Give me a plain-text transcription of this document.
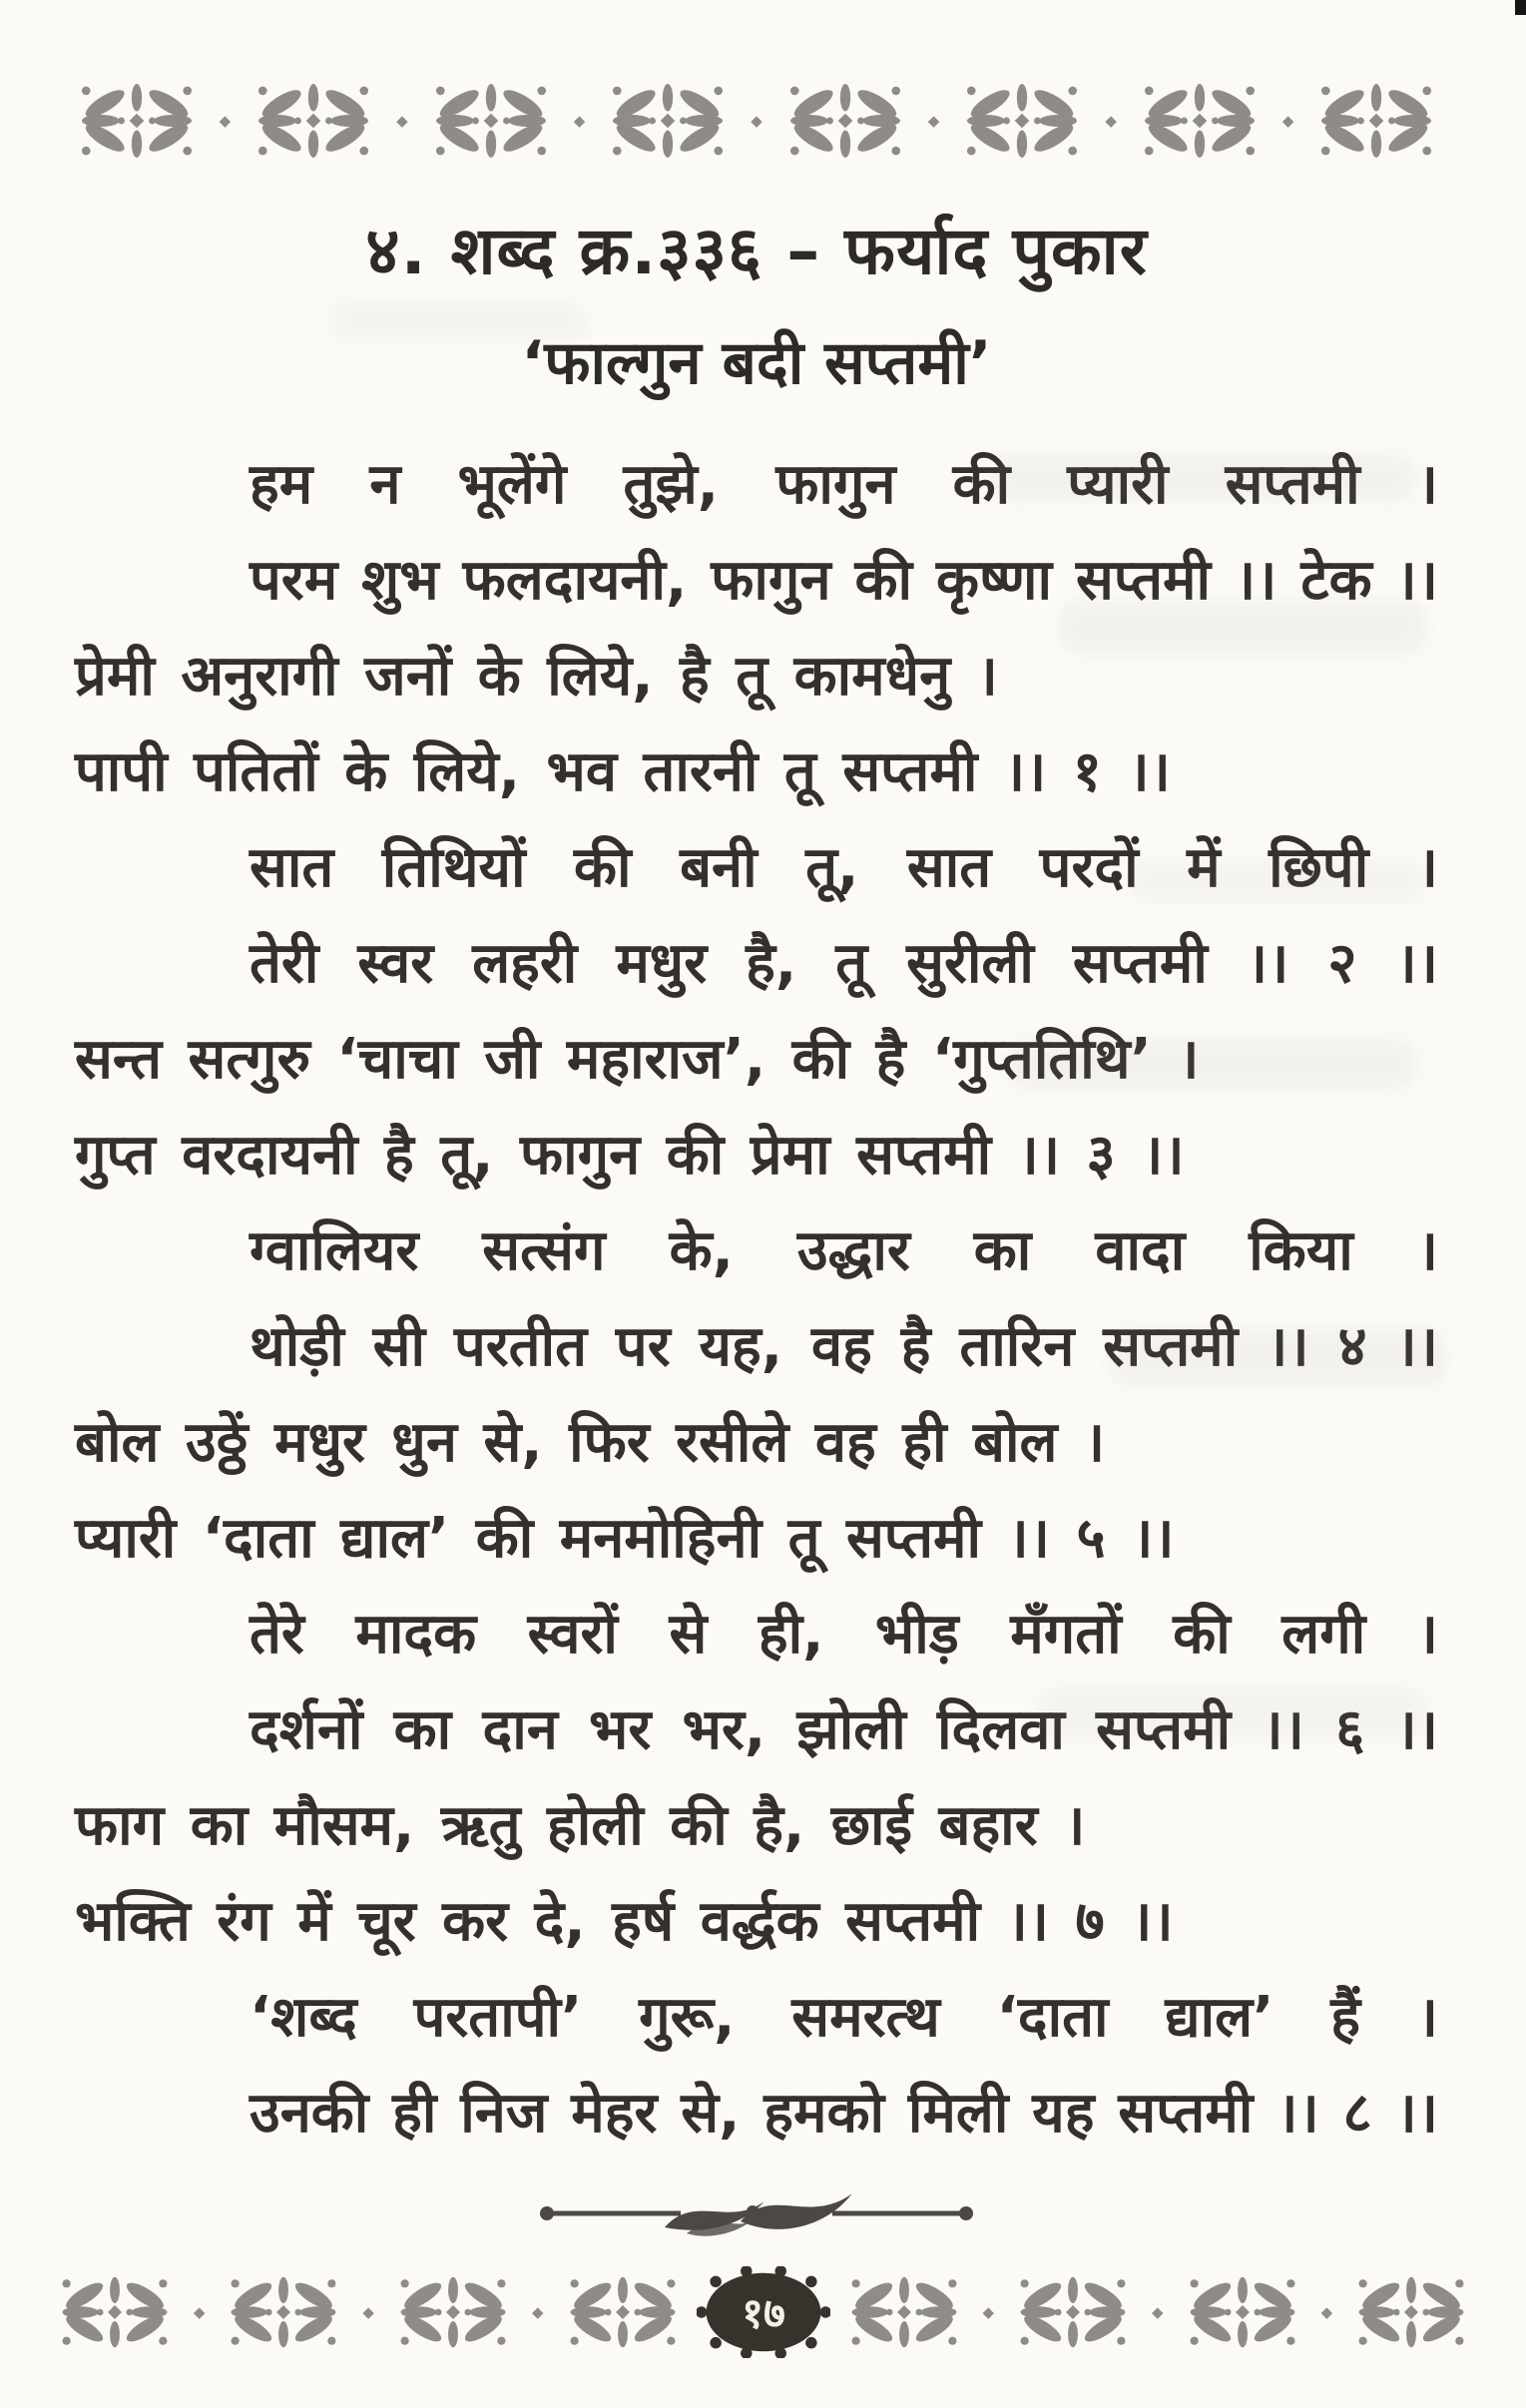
◆	◆	◆	◆	◆	◆	◆
४. शब्द क्र.३३६ – फर्याद पुकार
‘फाल्गुन बदी सप्तमी’

हम न भूलेंगे तुझे, फागुन की प्यारी सप्तमी ।

परम शुभ फलदायनी, फागुन की कृष्णा सप्तमी ।। टेक ।।

प्रेमी अनुरागी जनों के लिये, है तू कामधेनु ।

पापी पतितों के लिये, भव तारनी तू सप्तमी ।। १ ।।

सात तिथियों की बनी तू, सात परदों में छिपी ।

तेरी स्वर लहरी मधुर है, तू सुरीली सप्तमी ।। २ ।।

सन्त सत्गुरु ‘चाचा जी महाराज’, की है ‘गुप्ततिथि’ ।

गुप्त वरदायनी है तू, फागुन की प्रेमा सप्तमी ।। ३ ।।

ग्वालियर सत्संग के, उद्धार का वादा किया ।

थोड़ी सी परतीत पर यह, वह है तारिन सप्तमी ।। ४ ।।

बोल उठ्ठें मधुर धुन से, फिर रसीले वह ही बोल ।

प्यारी ‘दाता द्याल’ की मनमोहिनी तू सप्तमी ।। ५ ।।

तेरे मादक स्वरों से ही, भीड़ मँगतों की लगी ।

दर्शनों का दान भर भर, झोली दिलवा सप्तमी ।। ६ ।।

फाग का मौसम, ऋतु होली की है, छाई बहार ।

भक्ति रंग में चूर कर दे, हर्ष वर्द्धक सप्तमी ।। ७ ।।

‘शब्द परतापी’ गुरू, समरत्थ ‘दाता द्याल’ हैं ।

उनकी ही निज मेहर से, हमको मिली यह सप्तमी ।। ८ ।।

◆	◆	◆	१७	◆	◆	◆
